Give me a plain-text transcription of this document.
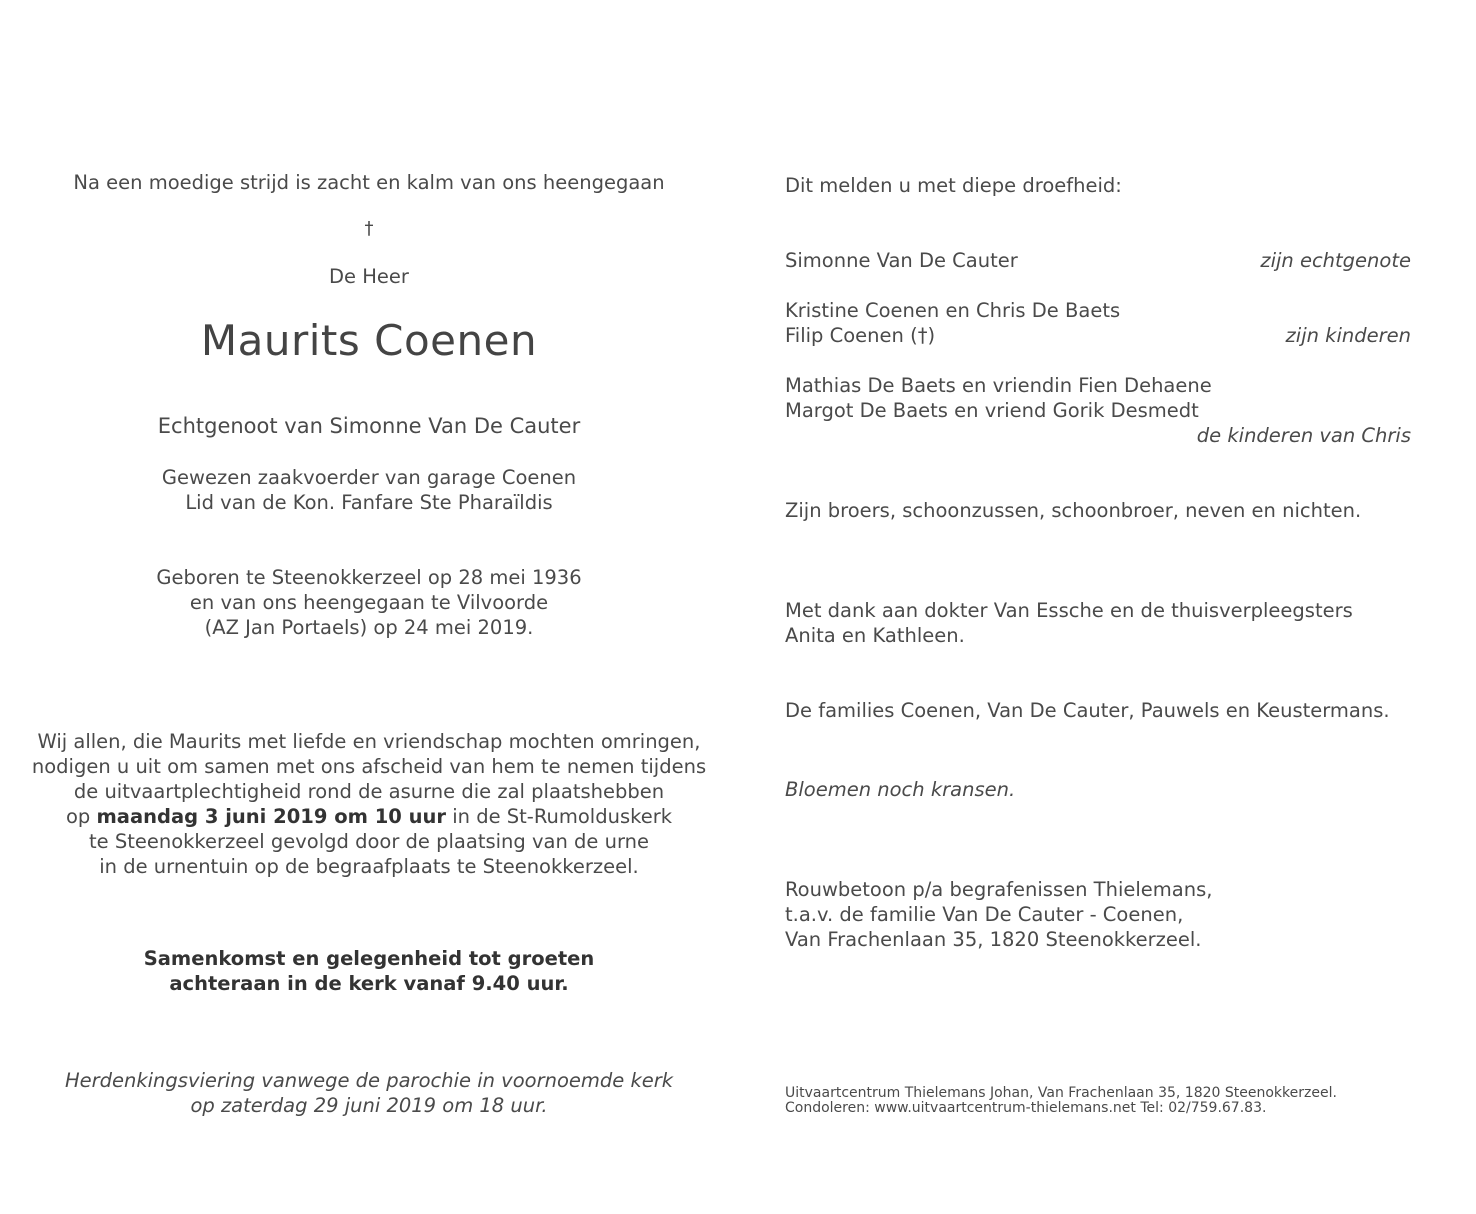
Na een moedige strijd is zacht en kalm van ons heengegaan
†
De Heer
Maurits Coenen
Echtgenoot van Simonne Van De Cauter
Gewezen zaakvoerder van garage Coenen
Lid van de Kon. Fanfare Ste Pharaïldis
Geboren te Steenokkerzeel op 28 mei 1936
en van ons heengegaan te Vilvoorde
(AZ Jan Portaels) op 24 mei 2019.
Wij allen, die Maurits met liefde en vriendschap mochten omringen,
nodigen u uit om samen met ons afscheid van hem te nemen tijdens
de uitvaartplechtigheid rond de asurne die zal plaatshebben
op maandag 3 juni 2019 om 10 uur in de St-Rumolduskerk
te Steenokkerzeel gevolgd door de plaatsing van de urne
in de urnentuin op de begraafplaats te Steenokkerzeel.
Samenkomst en gelegenheid tot groeten
achteraan in de kerk vanaf 9.40 uur.
Herdenkingsviering vanwege de parochie in voornoemde kerk
op zaterdag 29 juni 2019 om 18 uur.
Dit melden u met diepe droefheid:
Simonne Van De Cauter	zijn echtgenote
Kristine Coenen en Chris De Baets
Filip Coenen (†)	zijn kinderen
Mathias De Baets en vriendin Fien Dehaene
Margot De Baets en vriend Gorik Desmedt
de kinderen van Chris
Zijn broers, schoonzussen, schoonbroer, neven en nichten.
Met dank aan dokter Van Essche en de thuisverpleegsters
Anita en Kathleen.
De families Coenen, Van De Cauter, Pauwels en Keustermans.
Bloemen noch kransen.
Rouwbetoon p/a begrafenissen Thielemans,
t.a.v. de familie Van De Cauter - Coenen,
Van Frachenlaan 35, 1820 Steenokkerzeel.
Uitvaartcentrum Thielemans Johan, Van Frachenlaan 35, 1820 Steenokkerzeel.
Condoleren: www.uitvaartcentrum-thielemans.net Tel: 02/759.67.83.
